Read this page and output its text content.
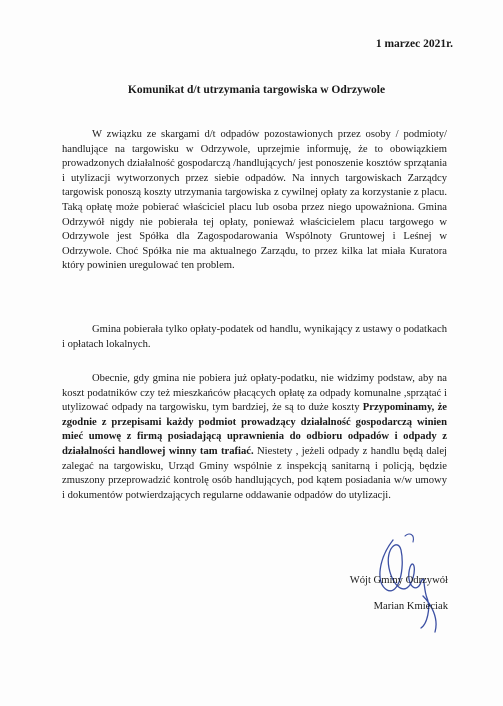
1 marzec 2021r.
Komunikat d/t utrzymania targowiska w Odrzywole

W związku ze skargami d/t odpadów pozostawionych przez osoby / podmioty/ handlujące na targowisku w Odrzywole, uprzejmie informuję, że to obowiązkiem prowadzonych działalność gospodarczą /handlujących/ jest ponoszenie kosztów sprzątania i utylizacji wytworzonych przez siebie odpadów. Na innych targowiskach Zarządcy targowisk ponoszą koszty utrzymania targowiska z cywilnej opłaty za korzystanie z placu. Taką opłatę może pobierać właściciel placu lub osoba przez niego upoważniona. Gmina Odrzywół nigdy nie pobierała tej opłaty, ponieważ właścicielem placu targowego w Odrzywole jest Spółka dla Zagospodarowania Wspólnoty Gruntowej i Leśnej w Odrzywole. Choć Spółka nie ma aktualnego Zarządu, to przez kilka lat miała Kuratora który powinien uregulować ten problem.

Gmina pobierała tylko opłaty-podatek od handlu, wynikający z ustawy o podatkach i opłatach lokalnych.

Obecnie, gdy gmina nie pobiera już opłaty-podatku, nie widzimy podstaw, aby na koszt podatników czy też mieszkańców płacących opłatę za odpady komunalne ,sprzątać i utylizować odpady na targowisku, tym bardziej, że są to duże koszty Przypominamy, że zgodnie z przepisami każdy podmiot prowadzący działalność gospodarczą winien mieć umowę z firmą posiadającą uprawnienia do odbioru odpadów i odpady z działalności handlowej winny tam trafiać. Niestety , jeżeli odpady z handlu będą dalej zalegać na targowisku, Urząd Gminy wspólnie z inspekcją sanitarną i policją, będzie zmuszony przeprowadzić kontrolę osób handlujących, pod kątem posiadania w/w umowy i dokumentów potwierdzających regularne oddawanie odpadów do utylizacji.

Wójt Gminy Odrzywół
Marian Kmieciak
